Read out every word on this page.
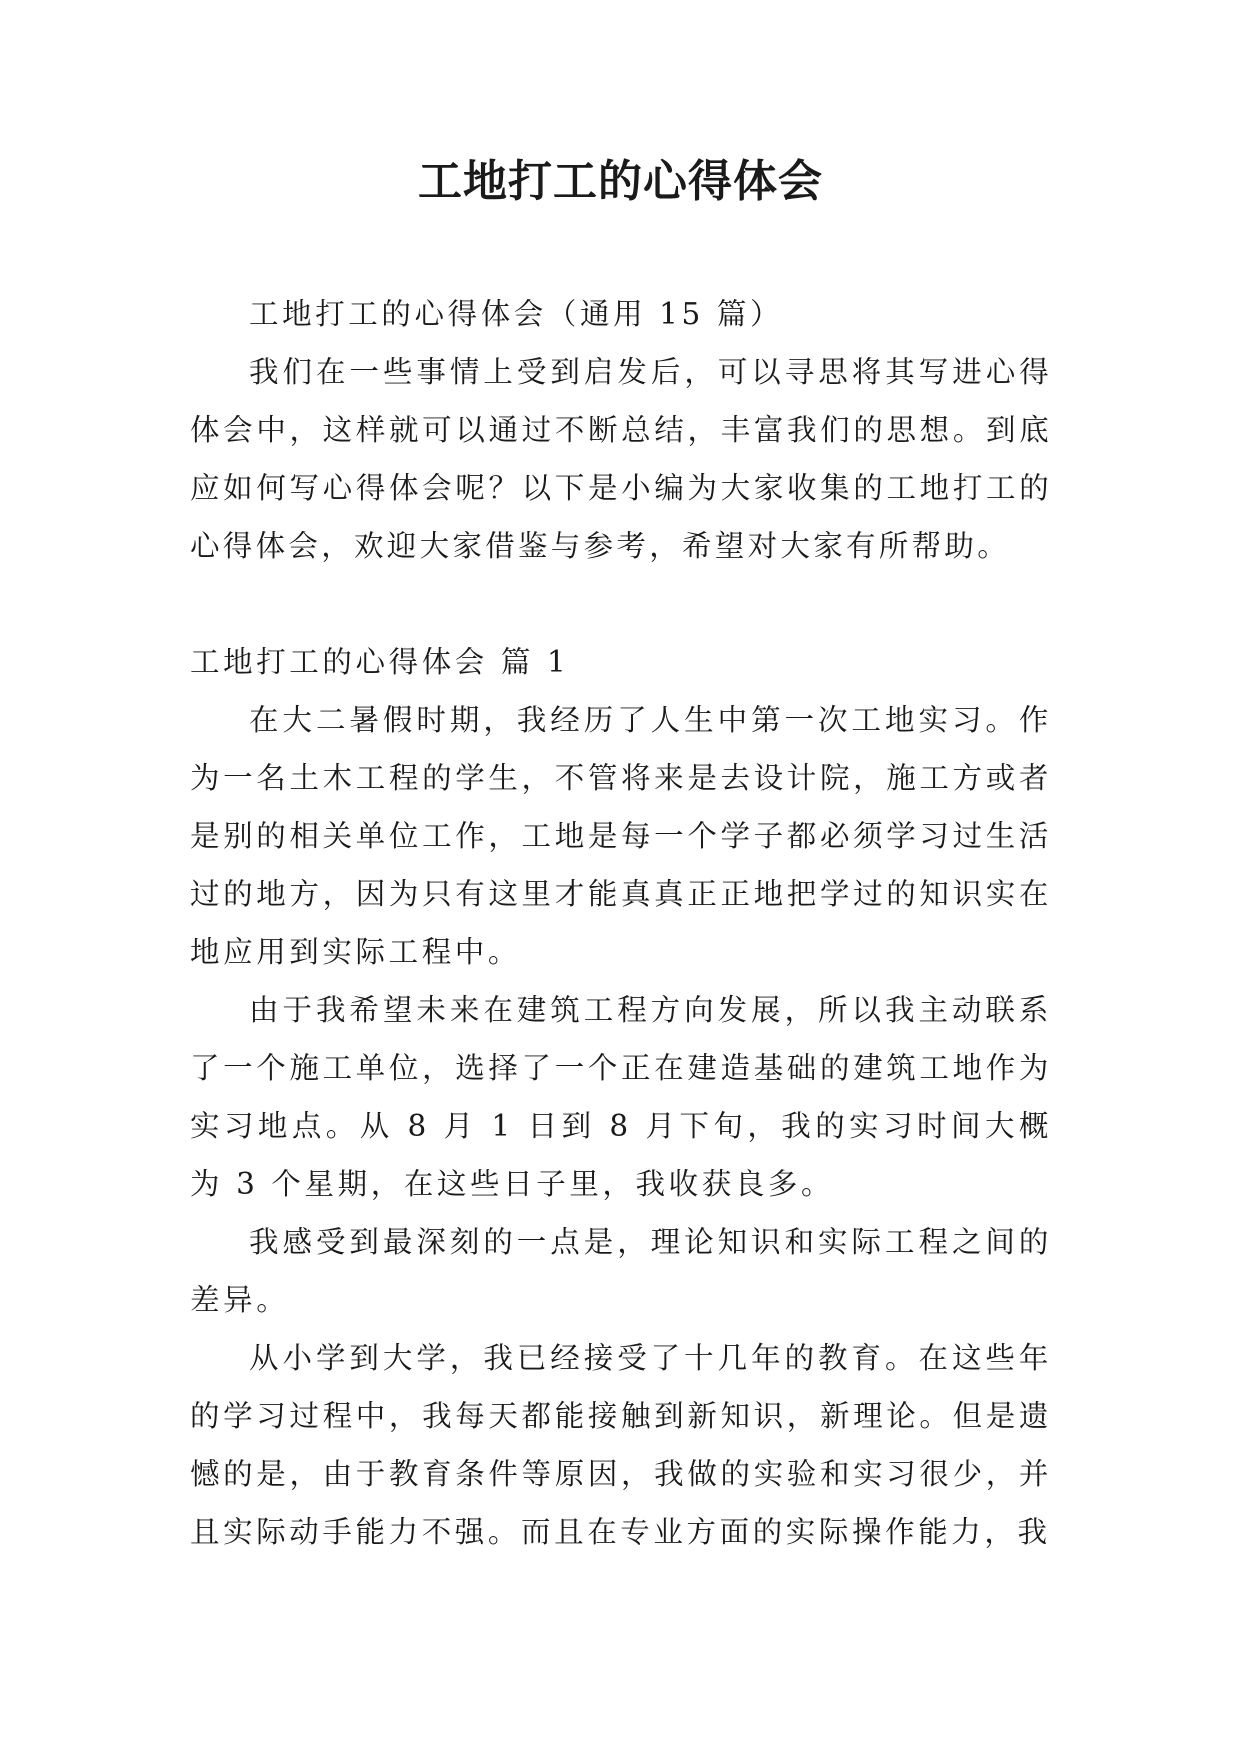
工地打工的心得体会

工地打工的心得体会（通用 15 篇）

我们在一些事情上受到启发后，可以寻思将其写进心得体会中，这样就可以通过不断总结，丰富我们的思想。到底应如何写心得体会呢？以下是小编为大家收集的工地打工的心得体会，欢迎大家借鉴与参考，希望对大家有所帮助。

工地打工的心得体会 篇 1

在大二暑假时期，我经历了人生中第一次工地实习。作为一名土木工程的学生，不管将来是去设计院，施工方或者是别的相关单位工作，工地是每一个学子都必须学习过生活过的地方，因为只有这里才能真真正正地把学过的知识实在地应用到实际工程中。

由于我希望未来在建筑工程方向发展，所以我主动联系了一个施工单位，选择了一个正在建造基础的建筑工地作为实习地点。从 8 月 1 日到 8 月下旬，我的实习时间大概为 3 个星期，在这些日子里，我收获良多。

我感受到最深刻的一点是，理论知识和实际工程之间的差异。

从小学到大学，我已经接受了十几年的教育。在这些年的学习过程中，我每天都能接触到新知识，新理论。但是遗憾的是，由于教育条件等原因，我做的实验和实习很少，并且实际动手能力不强。而且在专业方面的实际操作能力，我
